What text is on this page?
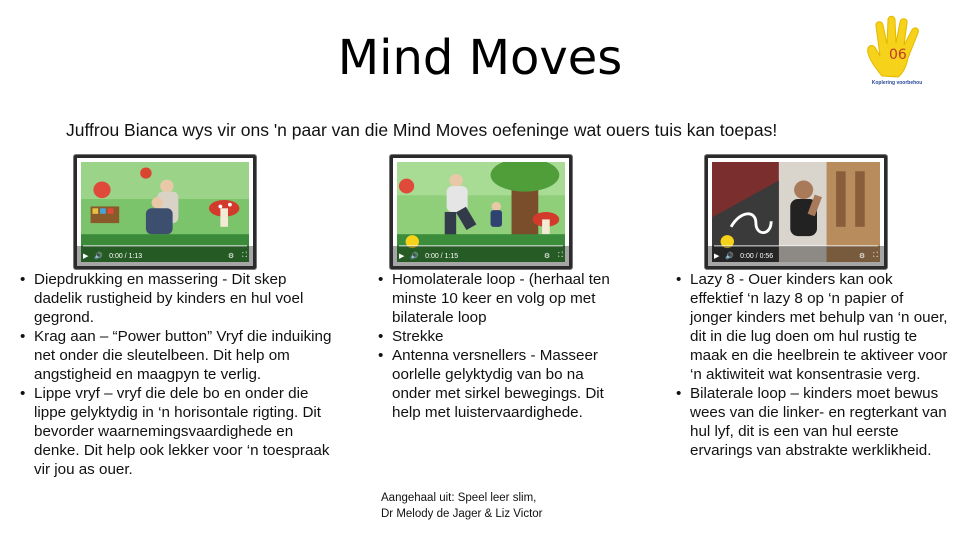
Mind Moves	06
Koplering voorbehou
Juffrou Bianca wys vir ons 'n paar van die Mind Moves oefeninge wat ouers tuis kan toepas!
▶ 🔊 0:00 / 1:13	⚙ ⛶	▶ 🔊 0:00 / 1:15	⚙ ⛶	▶ 🔊 0:00 / 0:56	⚙ ⛶
• Diepdrukking en massering - Dit skep dadelik rustigheid by kinders en hul voel gegrond.
• Krag aan – “Power button” Vryf die induiking net onder die sleutelbeen. Dit help om angstigheid en maagpyn te verlig.
• Lippe vryf – vryf die dele bo en onder die lippe gelyktydig in ‘n horisontale rigting. Dit bevorder waarnemingsvaardighede en denke. Dit help ook lekker voor ‘n toespraak vir jou as ouer.
• Homolaterale loop - (herhaal ten minste 10 keer en volg op met bilaterale loop
• Strekke
• Antenna versnellers - Masseer oorlelle gelyktydig van bo na onder met sirkel bewegings. Dit help met luistervaardighede.
• Lazy 8 - Ouer kinders kan ook effektief ‘n lazy 8 op ‘n papier of jonger kinders met behulp van ‘n ouer, dit in die lug doen om hul rustig te maak en die heelbrein te aktiveer voor ‘n aktiwiteit wat konsentrasie verg.
• Bilaterale loop – kinders moet bewus wees van die linker- en regterkant van hul lyf, dit is een van hul eerste ervarings van abstrakte werklikheid.
Aangehaal uit: Speel leer slim,
Dr Melody de Jager & Liz Victor
